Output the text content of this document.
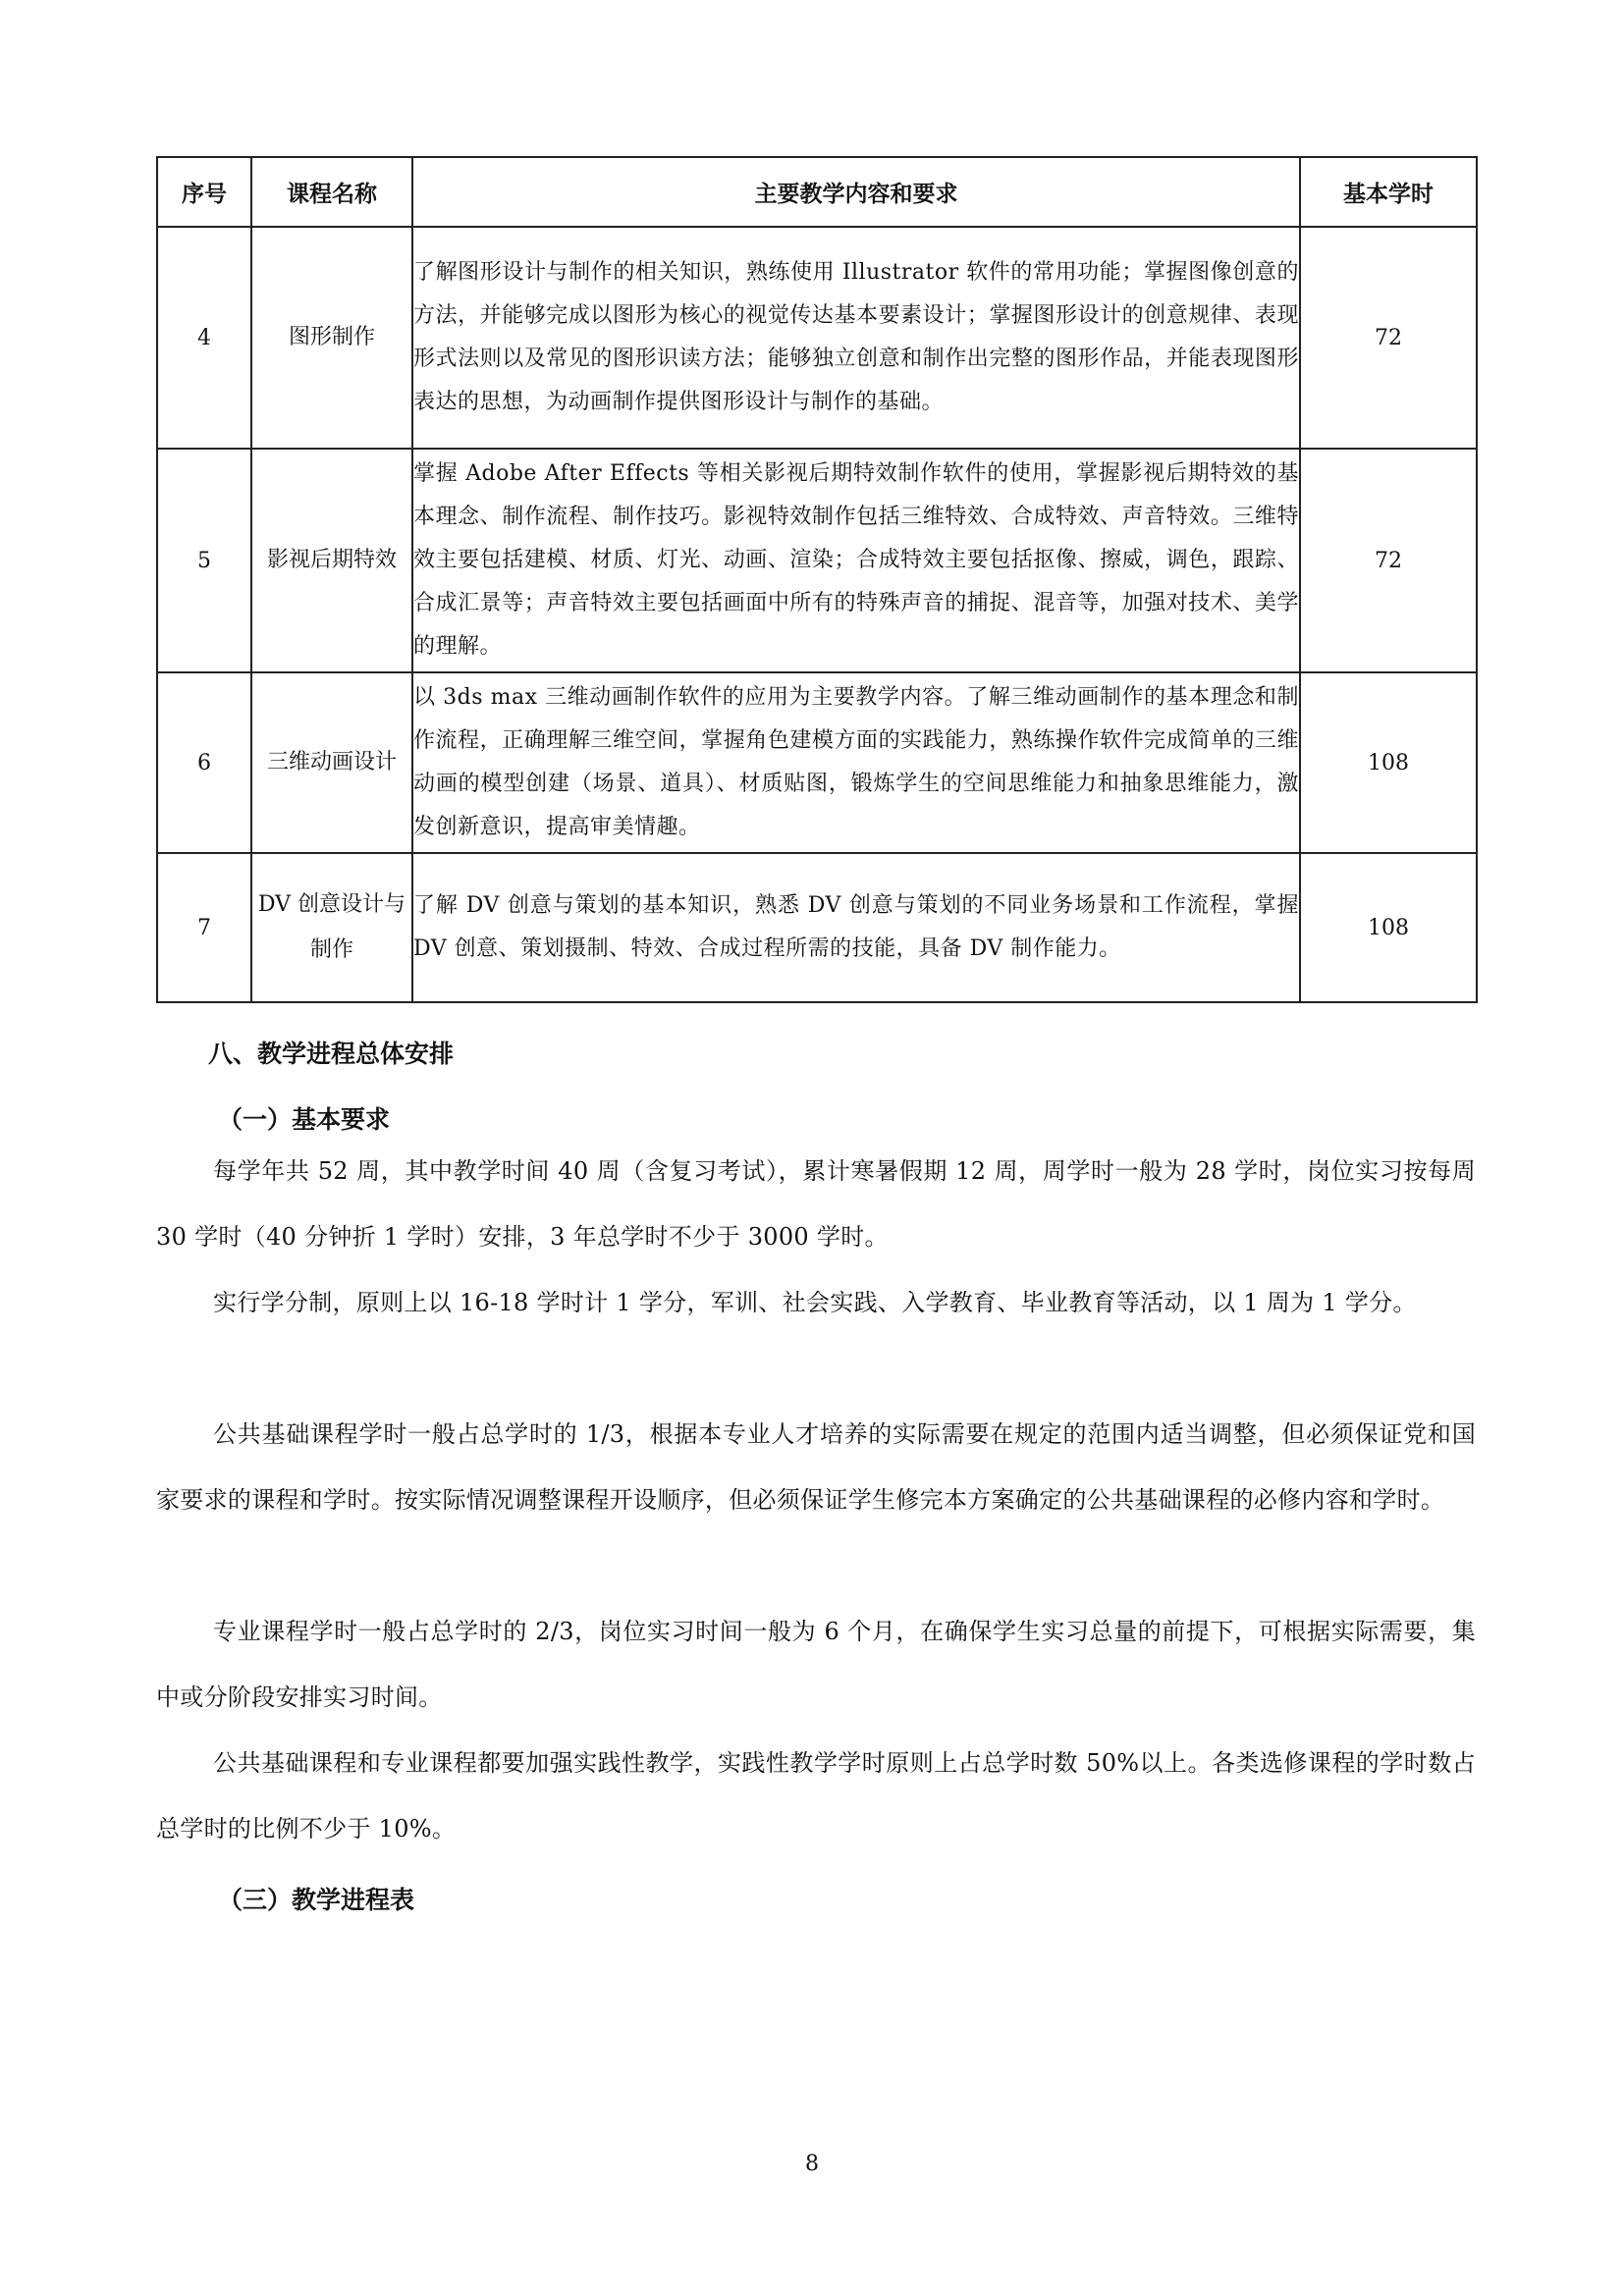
序号	课程名称	主要教学内容和要求	基本学时
4	图形制作	了解图形设计与制作的相关知识，熟练使用 Illustrator 软件的常用功能；掌握图像创意的方法，并能够完成以图形为核心的视觉传达基本要素设计；掌握图形设计的创意规律、表现形式法则以及常见的图形识读方法；能够独立创意和制作出完整的图形作品，并能表现图形表达的思想，为动画制作提供图形设计与制作的基础。	72
5	影视后期特效	掌握 Adobe After Effects 等相关影视后期特效制作软件的使用，掌握影视后期特效的基本理念、制作流程、制作技巧。影视特效制作包括三维特效、合成特效、声音特效。三维特效主要包括建模、材质、灯光、动画、渲染；合成特效主要包括抠像、擦威，调色，跟踪、合成汇景等；声音特效主要包括画面中所有的特殊声音的捕捉、混音等，加强对技术、美学的理解。	72
6	三维动画设计	以 3ds max 三维动画制作软件的应用为主要教学内容。了解三维动画制作的基本理念和制作流程，正确理解三维空间，掌握角色建模方面的实践能力，熟练操作软件完成简单的三维动画的模型创建（场景、道具）、材质贴图，锻炼学生的空间思维能力和抽象思维能力，激发创新意识，提高审美情趣。	108
7	DV 创意设计与制作	了解 DV 创意与策划的基本知识，熟悉 DV 创意与策划的不同业务场景和工作流程，掌握 DV 创意、策划摄制、特效、合成过程所需的技能，具备 DV 制作能力。	108
八、教学进程总体安排
（一）基本要求

每学年共 52 周，其中教学时间 40 周（含复习考试），累计寒暑假期 12 周，周学时一般为 28 学时，岗位实习按每周 30 学时（40 分钟折 1 学时）安排，3 年总学时不少于 3000 学时。

实行学分制，原则上以 16-18 学时计 1 学分，军训、社会实践、入学教育、毕业教育等活动，以 1 周为 1 学分。

公共基础课程学时一般占总学时的 1/3，根据本专业人才培养的实际需要在规定的范围内适当调整，但必须保证党和国家要求的课程和学时。按实际情况调整课程开设顺序，但必须保证学生修完本方案确定的公共基础课程的必修内容和学时。

专业课程学时一般占总学时的 2/3，岗位实习时间一般为 6 个月，在确保学生实习总量的前提下，可根据实际需要，集中或分阶段安排实习时间。

公共基础课程和专业课程都要加强实践性教学，实践性教学学时原则上占总学时数 50%以上。各类选修课程的学时数占总学时的比例不少于 10%。

（三）教学进程表
8
